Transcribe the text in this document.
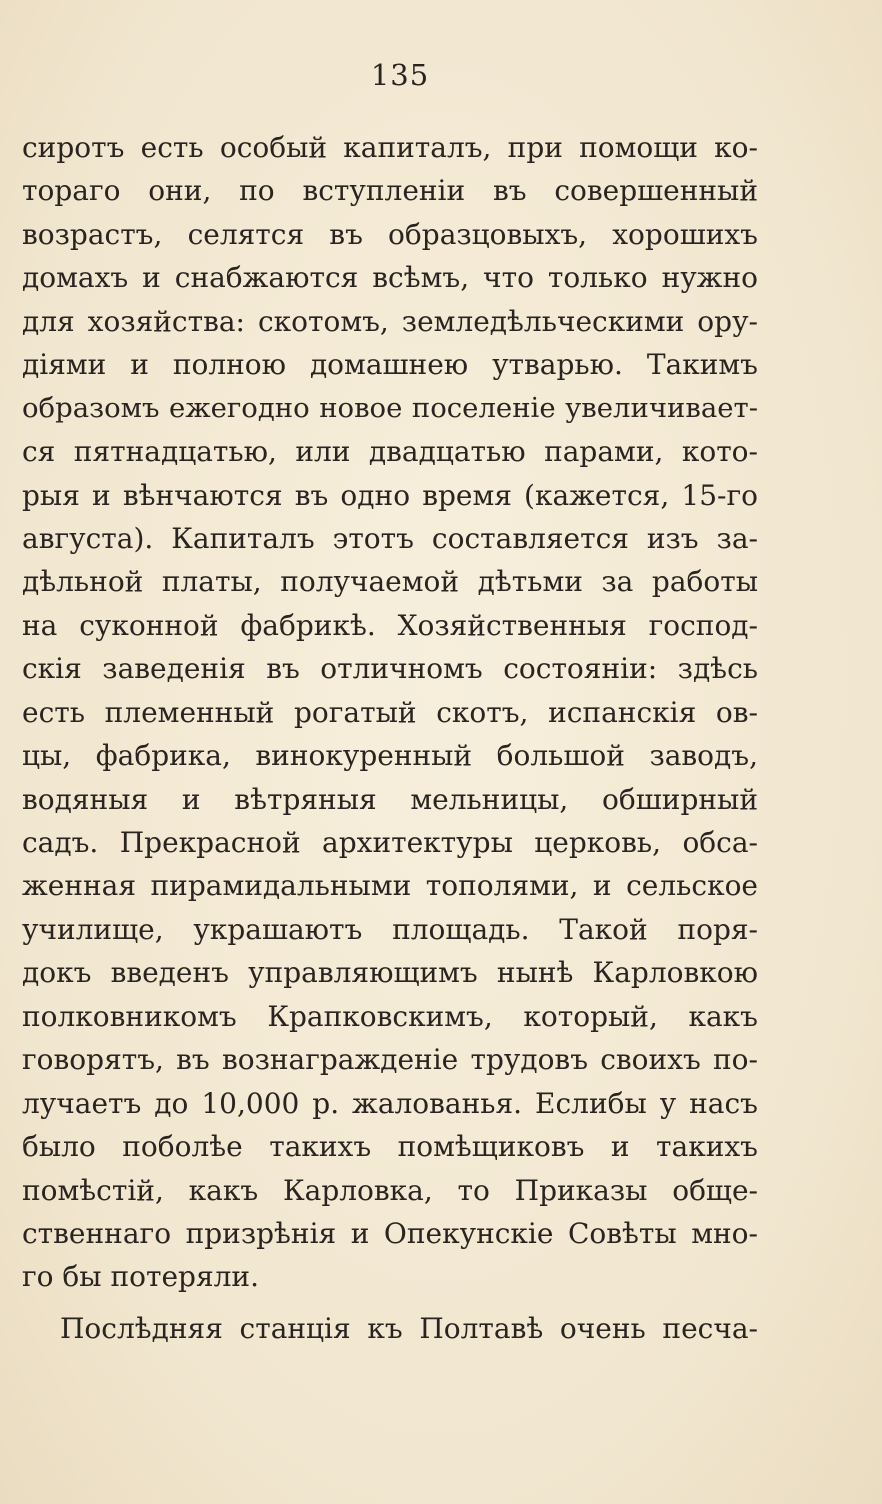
135
сиротъ есть особый капиталъ, при помощи ко-
тораго они, по вступленіи въ совершенный
возрастъ, селятся въ образцовыхъ, хорошихъ
домахъ и снабжаются всѣмъ, что только нужно
для хозяйства: скотомъ, земледѣльческими ору-
діями и полною домашнею утварью. Такимъ
образомъ ежегодно новое поселеніе увеличивает-
ся пятнадцатью, или двадцатью парами, кото-
рыя и вѣнчаются въ одно время (кажется, 15-го
августа). Капиталъ этотъ составляется изъ за-
дѣльной платы, получаемой дѣтьми за работы
на суконной фабрикѣ. Хозяйственныя господ-
скія заведенія въ отличномъ состояніи: здѣсь
есть племенный рогатый скотъ, испанскія ов-
цы, фабрика, винокуренный большой заводъ,
водяныя и вѣтряныя мельницы, обширный
садъ. Прекрасной архитектуры церковь, обса-
женная пирамидальными тополями, и сельское
училище, украшаютъ площадь. Такой поря-
докъ введенъ управляющимъ нынѣ Карловкою
полковникомъ Крапковскимъ, который, какъ
говорятъ, въ вознагражденіе трудовъ своихъ по-
лучаетъ до 10,000 р. жалованья. Еслибы у насъ
было поболѣе такихъ помѣщиковъ и такихъ
помѣстій, какъ Карловка, то Приказы обще-
ственнаго призрѣнія и Опекунскіе Совѣты мно-
го бы потеряли.
Послѣдняя станція къ Полтавѣ очень песча-
